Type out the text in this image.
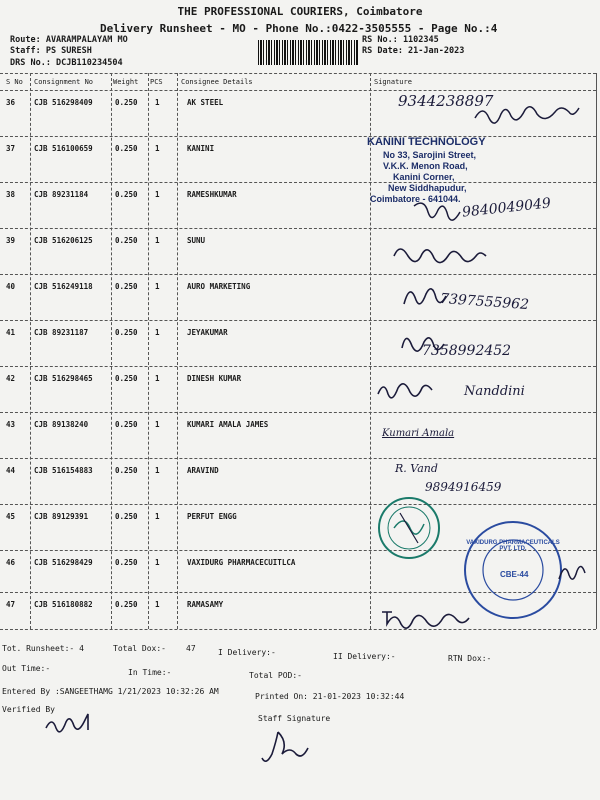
THE PROFESSIONAL COURIERS, Coimbatore
Delivery Runsheet - MO - Phone No.:0422-3505555 - Page No.:4
Route: AVARAMPALAYAM MO
Staff: PS SURESH
DRS No.: DCJB110234504
RS No.: 1102345
RS Date: 21-Jan-2023
S No Consignment No	Weight PCS	Consignee Details	Signature
36	CJB 516298409	0.250 1	AK STEEL
37	CJB 516100659	0.250 1	KANINI
38	CJB 89231184	0.250 1	RAMESHKUMAR
39	CJB 516206125	0.250 1	SUNU
40	CJB 516249118	0.250 1	AURO MARKETING
41	CJB 89231187	0.250 1	JEYAKUMAR
42	CJB 516298465	0.250 1	DINESH KUMAR
43	CJB 89138240	0.250 1	KUMARI AMALA JAMES
44	CJB 516154883	0.250 1	ARAVIND
45	CJB 89129391	0.250 1	PERFUT ENGG
46	CJB 516298429	0.250 1	VAXIDURG PHARMACECUITLCA
47	CJB 516180882	0.250 1	RAMASAMY
9344238897
KANINI TECHNOLOGY
No 33, Sarojini Street,
V.K.K. Menon Road,
Kanini Corner,
New Siddhapudur,
Coimbatore - 641044. 9840049049
7397555962
7358992452
Nanddini
Kumari Amala
R. Vand
9894916459
VAXIDURG PHARMACEUTICALS PVT. LTD.
CBE-44
Tot. Runsheet:- 4	Total Dox:-	47	I Delivery:-	II Delivery:-	RTN Dox:-
Out Time:-	In Time:-	Total POD:-
Entered By :SANGEETHAMG 1/21/2023 10:32:26 AM
Printed On: 21-01-2023 10:32:44
Verified By
Staff Signature
